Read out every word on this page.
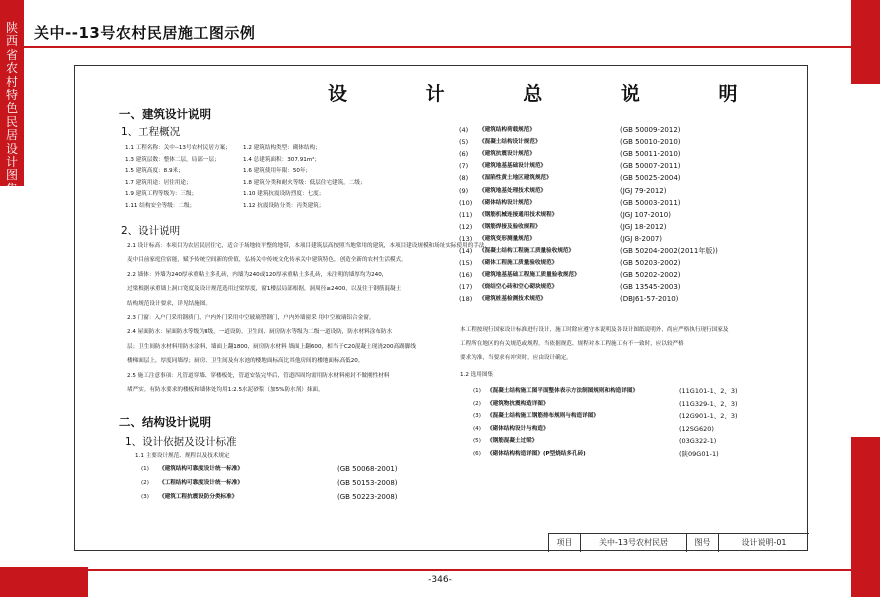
陕
西
省
农
村
特
色
民
居
设
计
图
集
关中--13号农村民居施工图示例
设 计 总 说 明
一、建筑设计说明
1、工程概况
1.1 工程名称：关中--13号农村民居方案； 1.2 建筑结构类型：砌体结构；
1.3 建筑层数：整体二层，局部一层；	1.4 总建筑面积：307.91m²；
1.5 建筑高度：8.9米；	1.6 建筑使用年限：50年；
1.7 建筑用途：居住用途；	1.8 建筑分类和耐火等级：低层住宅建筑，二级；
1.9 建筑工程等级为：三级；	1.10 建筑抗震设防烈度：七度；
1.11 结构安全等级：二级；	1.12 抗震设防分类：丙类建筑；
2、设计说明
2.1 设计标高：本项目为农居民居住宅，适合于场地较平整的地带，本项目建筑层高按照当地常用的建筑，本项目建设规模和场址实际使用的手法，
麦中目前家庭住宿能，赋予传统空间新的价值，弘扬关中传统文化传承关中建筑特色，创造全新的农村生活模式。
2.2 墙体：外墙为240厚承重粘土多孔砖，内墙为240或120厚承重粘土多孔砖，未注明的墙厚均为240，
过梁根据承重墙上洞口宽度及设计规范选用过梁厚度，窗1楼层局部根据，洞周径≥2400，以及往于钢筋混凝土
结构规范设计要求，详见结施图。
2.3 门窗：入户门采用钢质门，户内外门采用中空玻璃塑钢门，户内外墙窗采 用中空玻璃铝合金窗。
2.4 屋面防水：屋面防水等级为Ⅱ级，一道设防，卫生间、厨房防水等级为二级一道设防，防水材料涂布防水
层；卫生间防水材料用防水涂料，墙面上翻1800，厨房防水材料 墙面上翻600，相当于C20混凝土现浇200高踢脚线
楼梯面层上，厚度同墙厚；厨房、卫生间及有水池的楼地面标高比其他房间的楼地面标高低20。
2.5 施工注意事项：凡管道穿墙、穿楼板处，管道安装完毕后，管道四周均需用防水材料密封不做刚性材料
堵严实。有防水要求的楼板和墙体处均用1:2.5水泥砂浆（加5%防水剂）抹面。
二、结构设计说明
1、设计依据及设计标准
1.1 主要设计规范、规程以及技术规定
(1) 《建筑结构可靠度设计统一标准》	(GB 50068-2001)
(2) 《工程结构可靠度设计统一标准》	(GB 50153-2008)
(3) 《建筑工程抗震设防分类标准》	(GB 50223-2008)
(4) 《建筑结构荷载规范》	(GB 50009-2012)
(5) 《混凝土结构设计规范》	(GB 50010-2010)
(6) 《建筑抗震设计规范》	(GB 50011-2010)
(7) 《建筑地基基础设计规范》	(GB 50007-2011)
(8) 《湿陷性黄土地区建筑规范》	(GB 50025-2004)
(9) 《建筑地基处理技术规范》	(JGJ 79-2012)
(10) 《砌体结构设计规范》	(GB 50003-2011)
(11) 《钢筋机械连接通用技术规程》	(JGJ 107-2010)
(12) 《钢筋焊接及验收规程》	(JGJ 18-2012)
(13) 《建筑变形测量规范》	(JGJ 8-2007)
(14) 《混凝土结构工程施工质量验收规范》	(GB 50204-2002(2011年版))
(15) 《砌体工程施工质量验收规范》	(GB 50203-2002)
(16) 《建筑地基基础工程施工质量验收规范》	(GB 50202-2002)
(17) 《烧结空心砖和空心砌块规范》	(GB 13545-2003)
(18) 《建筑桩基检测技术规范》	(DBJ61-57-2010)
本工程按现行国家设计标准进行设计，施工时除应遵守本说明及各设计图纸说明外，尚应严格执行现行国家及
工程所在地区的有关规范或规程。当依据规范、规程对本工程施工有不一致时，应以较严格
要求为准，当要求有冲突时，应由设计确定。
1.2 选用图集
(1) 《混凝土结构施工图平面整体表示方法制图规则和构造详图》	(11G101-1、2、3)
(2) 《建筑物抗震构造详图》	(11G329-1、2、3)
(3) 《混凝土结构施工钢筋排布规则与构造详图》	(12G901-1、2、3)
(4) 《砌体结构设计与构造》	(12SG620)
(5) 《钢筋混凝土过梁》	(03G322-1)
(6) 《砌体结构构造详图》(P型烧结多孔砖)	(陕09G01-1)
项目	关中-13号农村民居	图号	设计说明-01
-346-
